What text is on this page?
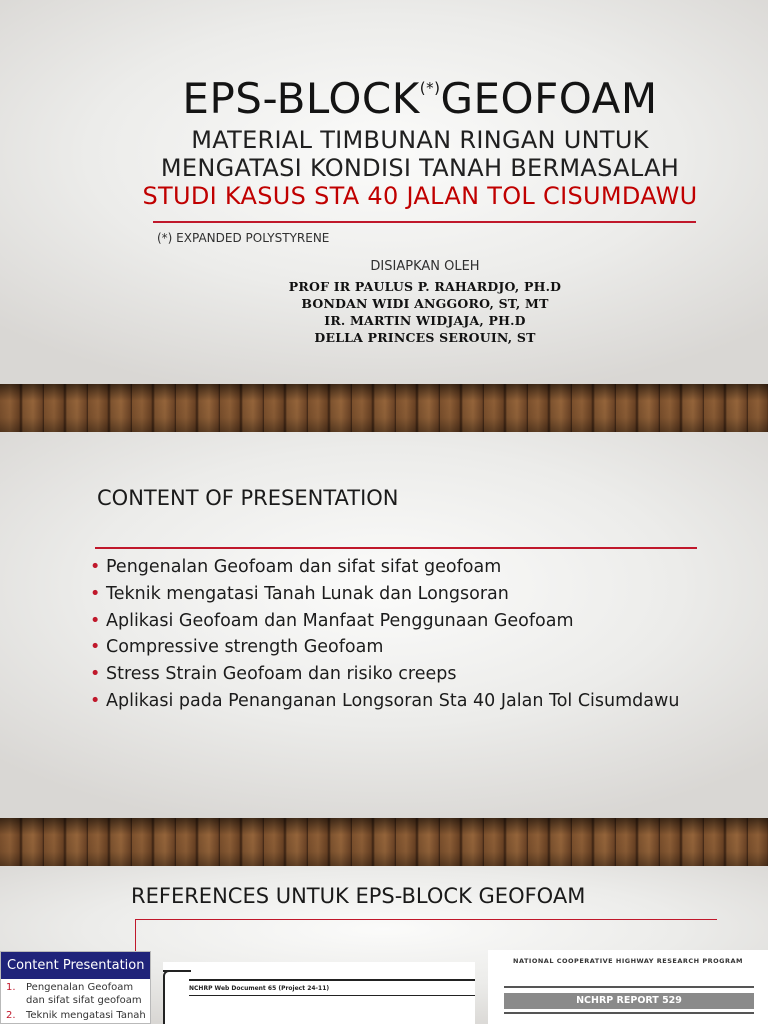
EPS-BLOCK(*)GEOFOAM
MATERIAL TIMBUNAN RINGAN UNTUK
MENGATASI KONDISI TANAH BERMASALAH
STUDI KASUS STA 40 JALAN TOL CISUMDAWU
(*) EXPANDED POLYSTYRENE
DISIAPKAN OLEH
PROF IR PAULUS P. RAHARDJO, PH.D
BONDAN WIDI ANGGORO, ST, MT
IR. MARTIN WIDJAJA, PH.D
DELLA PRINCES SEROUIN, ST
CONTENT OF PRESENTATION
• Pengenalan Geofoam dan sifat sifat geofoam
• Teknik mengatasi Tanah Lunak dan Longsoran
• Aplikasi Geofoam dan Manfaat Penggunaan Geofoam
• Compressive strength Geofoam
• Stress Strain Geofoam dan risiko creeps
• Aplikasi pada Penanganan Longsoran Sta 40 Jalan Tol Cisumdawu
REFERENCES UNTUK EPS-BLOCK GEOFOAM
Content Presentation
1. Pengenalan Geofoam
dan sifat sifat geofoam
2. Teknik mengatasi Tanah
NCHRP Web Document 65 (Project 24-11)
NATIONAL COOPERATIVE HIGHWAY RESEARCH PROGRAM
NCHRP REPORT 529
